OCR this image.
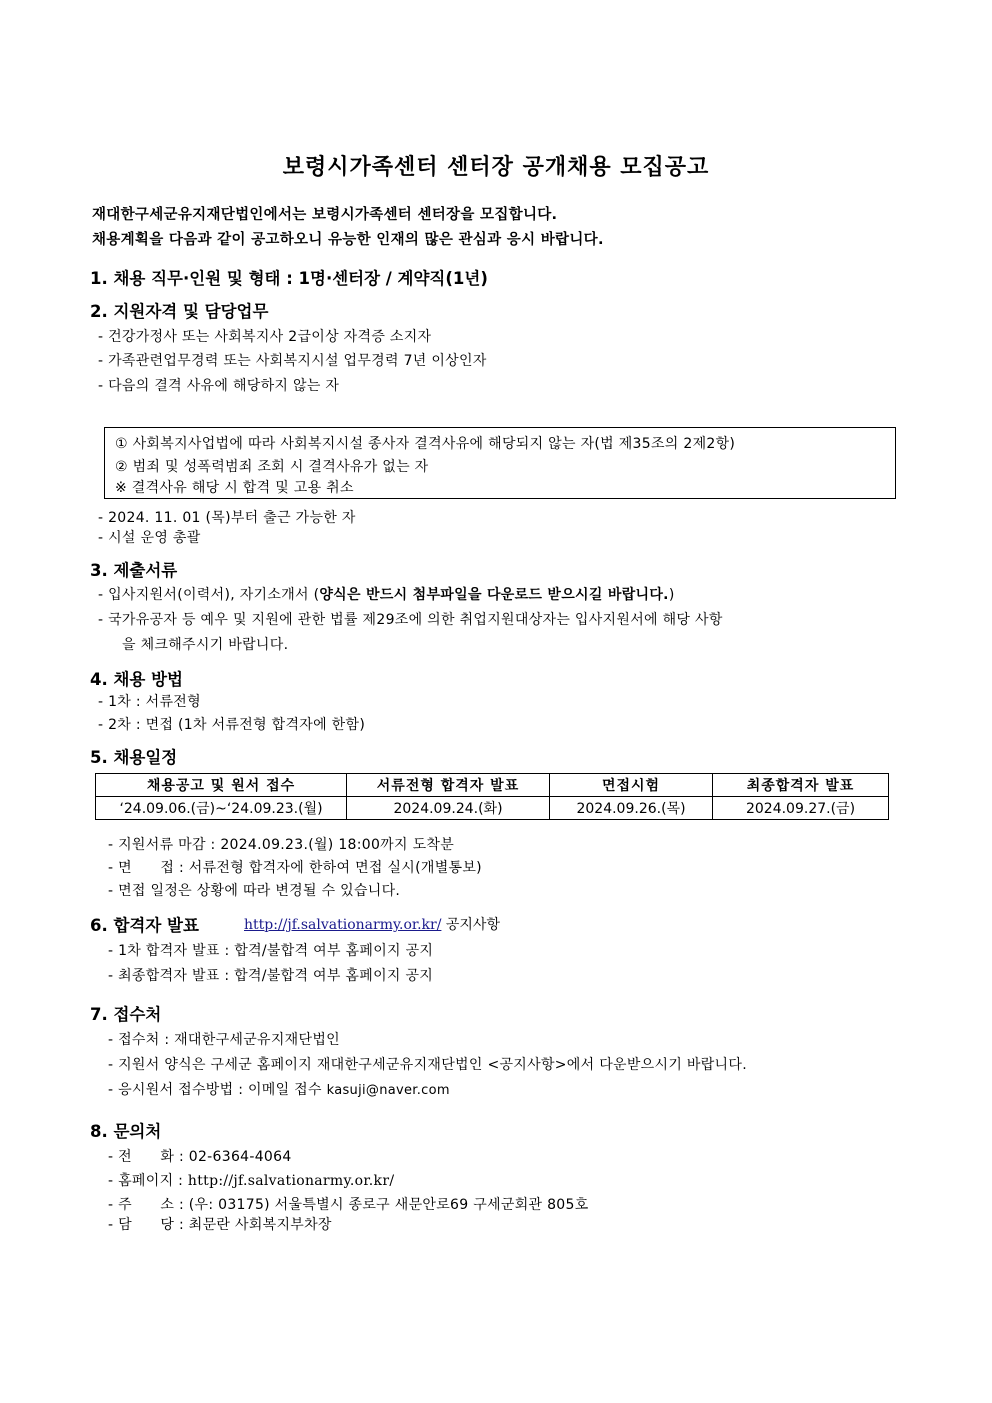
보령시가족센터 센터장 공개채용 모집공고
재대한구세군유지재단법인에서는 보령시가족센터 센터장을 모집합니다.
채용계획을 다음과 같이 공고하오니 유능한 인재의 많은 관심과 응시 바랍니다.
1. 채용 직무·인원 및 형태 : 1명·센터장 / 계약직(1년)
2. 지원자격 및 담당업무
- 건강가정사 또는 사회복지사 2급이상 자격증 소지자
- 가족관련업무경력 또는 사회복지시설 업무경력 7년 이상인자
- 다음의 결격 사유에 해당하지 않는 자
① 사회복지사업법에 따라 사회복지시설 종사자 결격사유에 해당되지 않는 자(법 제35조의 2제2항)
② 범죄 및 성폭력범죄 조회 시 결격사유가 없는 자
※ 결격사유 해당 시 합격 및 고용 취소
- 2024. 11. 01 (목)부터 출근 가능한 자
- 시설 운영 총괄
3. 제출서류
- 입사지원서(이력서), 자기소개서 (양식은 반드시 첨부파일을 다운로드 받으시길 바랍니다.)
- 국가유공자 등 예우 및 지원에 관한 법률 제29조에 의한 취업지원대상자는 입사지원서에 해당 사항
을 체크해주시기 바랍니다.
4. 채용 방법
- 1차 : 서류전형
- 2차 : 면접 (1차 서류전형 합격자에 한함)
5. 채용일정
채용공고 및 원서 접수	서류전형 합격자 발표	면접시험	최종합격자 발표
‘24.09.06.(금)~‘24.09.23.(월)	2024.09.24.(화)	2024.09.26.(목)	2024.09.27.(금)
- 지원서류 마감 : 2024.09.23.(월) 18:00까지 도착분
- 면      접 : 서류전형 합격자에 한하여 면접 실시(개별통보)
- 면접 일정은 상황에 따라 변경될 수 있습니다.
6. 합격자 발표	http://jf.salvationarmy.or.kr/ 공지사항
- 1차 합격자 발표 : 합격/불합격 여부 홈페이지 공지
- 최종합격자 발표 : 합격/불합격 여부 홈페이지 공지
7. 접수처
- 접수처 : 재대한구세군유지재단법인
- 지원서 양식은 구세군 홈페이지 재대한구세군유지재단법인 <공지사항>에서 다운받으시기 바랍니다.
- 응시원서 접수방법 : 이메일 접수 kasuji@naver.com
8. 문의처
- 전      화 : 02-6364-4064
- 홈페이지 : http://jf.salvationarmy.or.kr/
- 주      소 : (우: 03175) 서울특별시 종로구 새문안로69 구세군회관 805호
- 담      당 : 최문란 사회복지부차장
